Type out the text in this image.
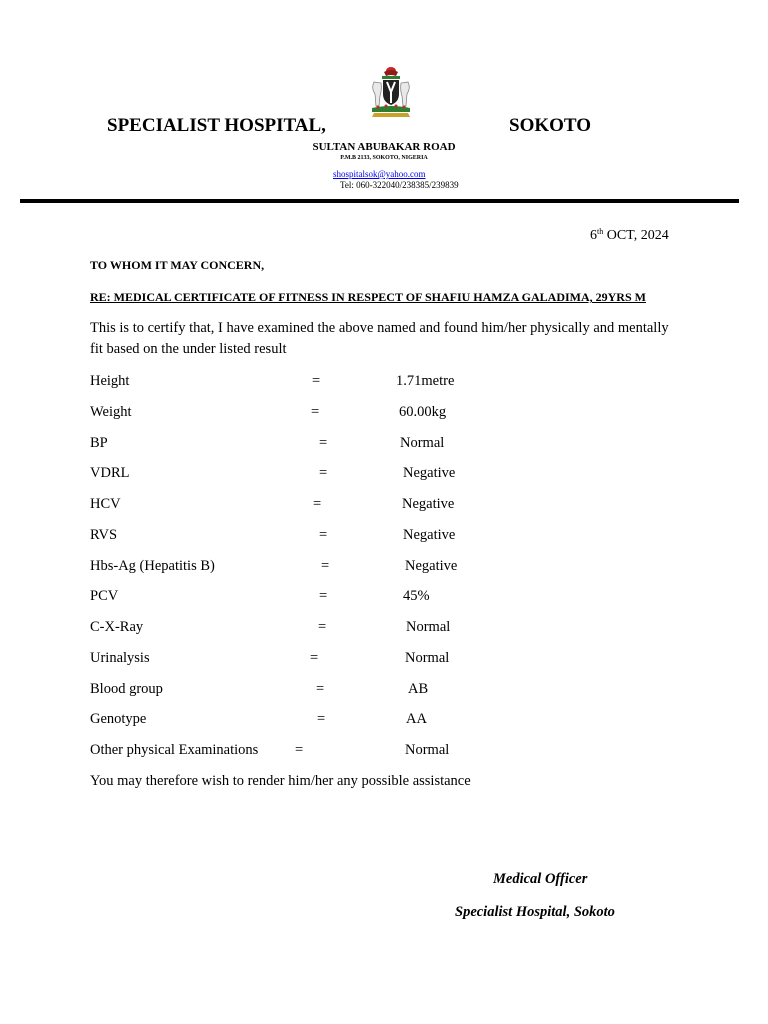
SPECIALIST HOSPITAL,	SOKOTO
SULTAN ABUBAKAR ROAD
P.M.B 2133, SOKOTO, NIGERIA
shospitalsok@yahoo.com
Tel: 060-322040/238385/239839
6th OCT, 2024
TO WHOM IT MAY CONCERN,
RE: MEDICAL CERTIFICATE OF FITNESS IN RESPECT OF SHAFIU HAMZA GALADIMA, 29YRS M
This is to certify that, I have examined the above named and found him/her physically and mentally fit based on the under listed result
Height	=	1.71metre
Weight	=	60.00kg
BP	=	Normal
VDRL	=	Negative
HCV	=	Negative
RVS	=	Negative
Hbs-Ag (Hepatitis B)	=	Negative
PCV	=	45%
C-X-Ray	=	Normal
Urinalysis	=	Normal
Blood group	=	AB
Genotype	=	AA
Other physical Examinations	=	Normal
You may therefore wish to render him/her any possible assistance
Medical Officer
Specialist Hospital, Sokoto
